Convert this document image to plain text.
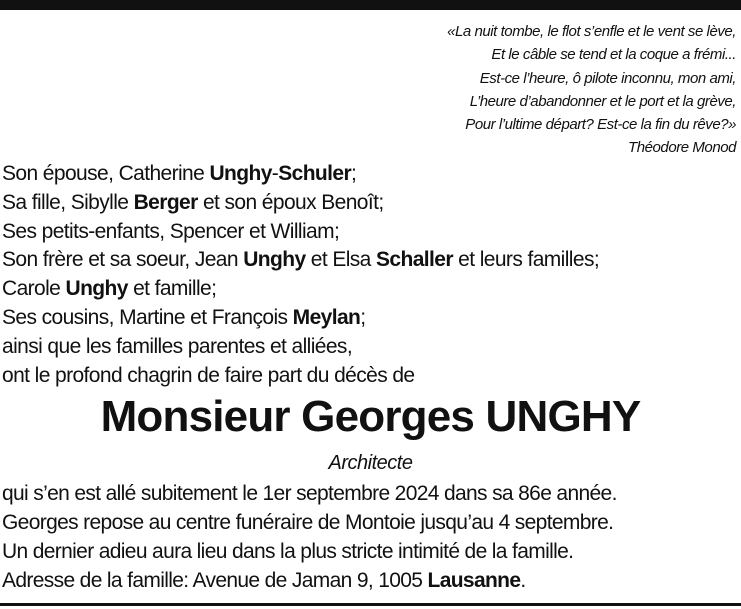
«La nuit tombe, le flot s’enfle et le vent se lève,
Et le câble se tend et la coque a frémi...
Est-ce l’heure, ô pilote inconnu, mon ami,
L’heure d’abandonner et le port et la grève,
Pour l’ultime départ? Est-ce la fin du rêve?»
Théodore Monod
Son épouse, Catherine Unghy-Schuler;
Sa fille, Sibylle Berger et son époux Benoît;
Ses petits-enfants, Spencer et William;
Son frère et sa soeur, Jean Unghy et Elsa Schaller et leurs familles;
Carole Unghy et famille;
Ses cousins, Martine et François Meylan;
ainsi que les familles parentes et alliées,
ont le profond chagrin de faire part du décès de
Monsieur Georges UNGHY
Architecte
qui s’en est allé subitement le 1er septembre 2024 dans sa 86e année.
Georges repose au centre funéraire de Montoie jusqu’au 4 septembre.
Un dernier adieu aura lieu dans la plus stricte intimité de la famille.
Adresse de la famille: Avenue de Jaman 9, 1005 Lausanne.
